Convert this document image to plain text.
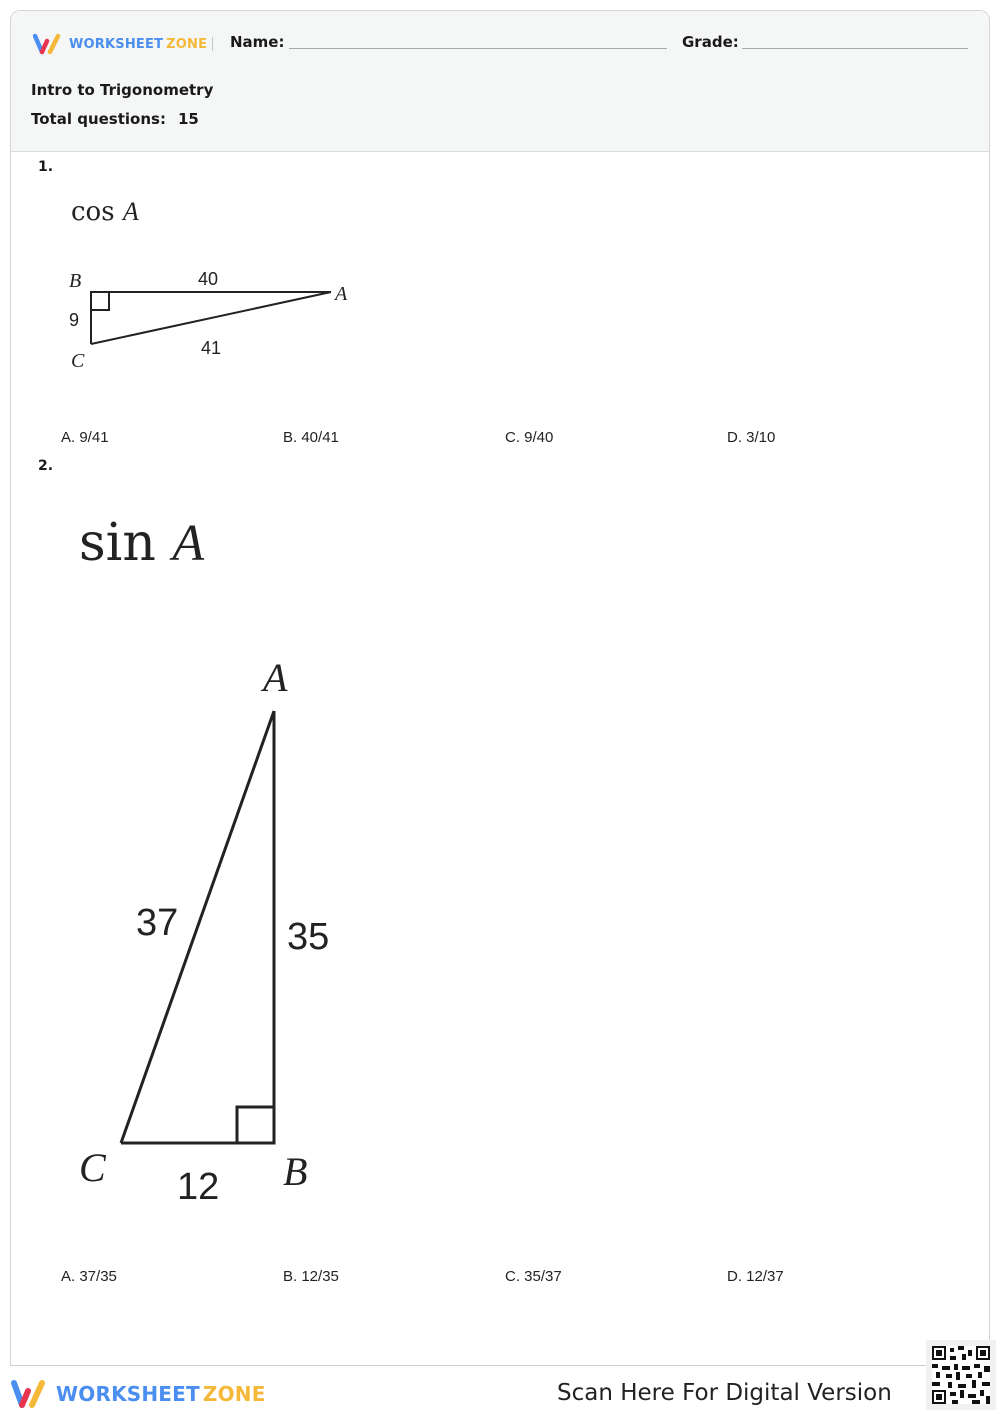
WORKSHEET ZONE Name:	Grade:
Intro to Trigonometry
Total questions: 15
1.
cos A
B
A
C
40
9
41
A. 9/41	B. 40/41	C. 9/40	D. 3/10
2.
sin A
A
C	B
37	35
12
A. 37/35	B. 12/35	C. 35/37	D. 12/37
WORKSHEET ZONE	Scan Here For Digital Version
